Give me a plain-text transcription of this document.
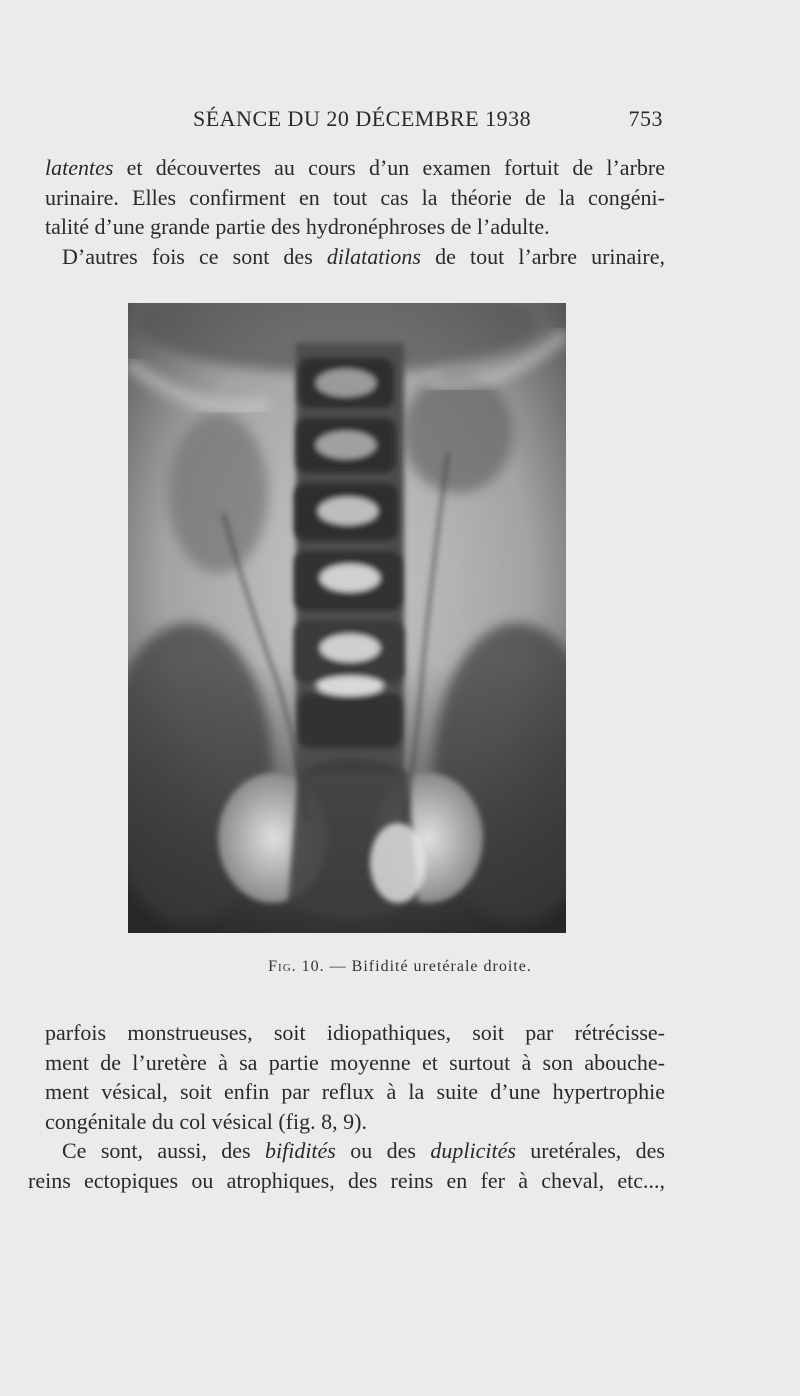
SÉANCE DU 20 DÉCEMBRE 1938	753
latentes et découvertes au cours d’un examen fortuit de l’arbre
urinaire. Elles confirment en tout cas la théorie de la congéni-
talité d’une grande partie des hydronéphroses de l’adulte.
D’autres fois ce sont des dilatations de tout l’arbre urinaire,
Fig. 10. — Bifidité uretérale droite.
parfois monstrueuses, soit idiopathiques, soit par rétrécisse-
ment de l’uretère à sa partie moyenne et surtout à son abouche-
ment vésical, soit enfin par reflux à la suite d’une hypertrophie
congénitale du col vésical (fig. 8, 9).
Ce sont, aussi, des bifidités ou des duplicités uretérales, des
reins ectopiques ou atrophiques, des reins en fer à cheval, etc...,
